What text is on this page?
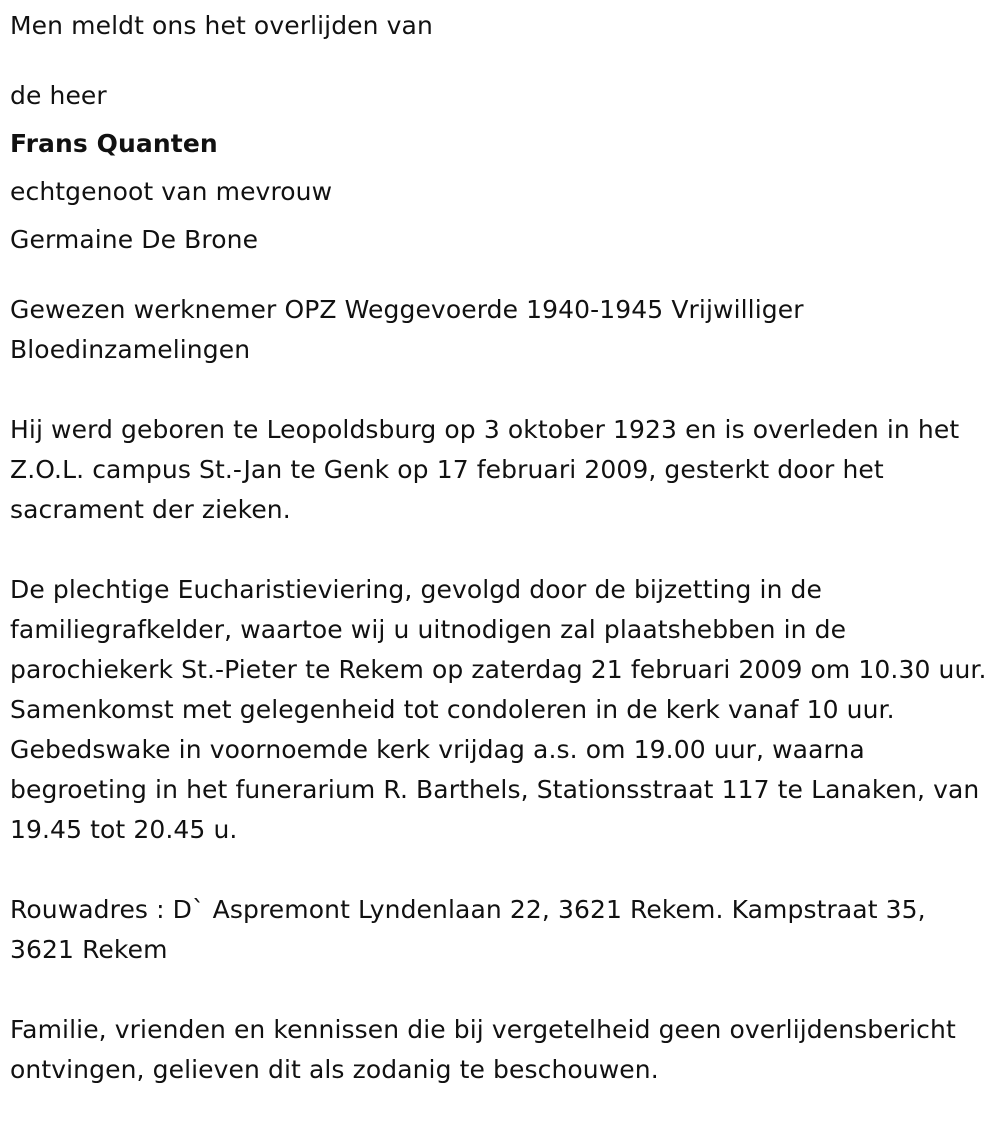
Men meldt ons het overlijden van

de heer

Frans Quanten

echtgenoot van mevrouw

Germaine De Brone

Gewezen werknemer OPZ Weggevoerde 1940-1945 Vrijwilliger Bloedinzamelingen

Hij werd geboren te Leopoldsburg op 3 oktober 1923 en is overleden in het Z.O.L. campus St.-Jan te Genk op 17 februari 2009, gesterkt door het sacrament der zieken.

De plechtige Eucharistieviering, gevolgd door de bijzetting in de familiegrafkelder, waartoe wij u uitnodigen zal plaatshebben in de parochiekerk St.-Pieter te Rekem op zaterdag 21 februari 2009 om 10.30 uur. Samenkomst met gelegenheid tot condoleren in de kerk vanaf 10 uur. Gebedswake in voornoemde kerk vrijdag a.s. om 19.00 uur, waarna begroeting in het funerarium R. Barthels, Stationsstraat 117 te Lanaken, van 19.45 tot 20.45 u.

Rouwadres : D` Aspremont Lyndenlaan 22, 3621 Rekem. Kampstraat 35, 3621 Rekem

Familie, vrienden en kennissen die bij vergetelheid geen overlijdensbericht ontvingen, gelieven dit als zodanig te beschouwen.
